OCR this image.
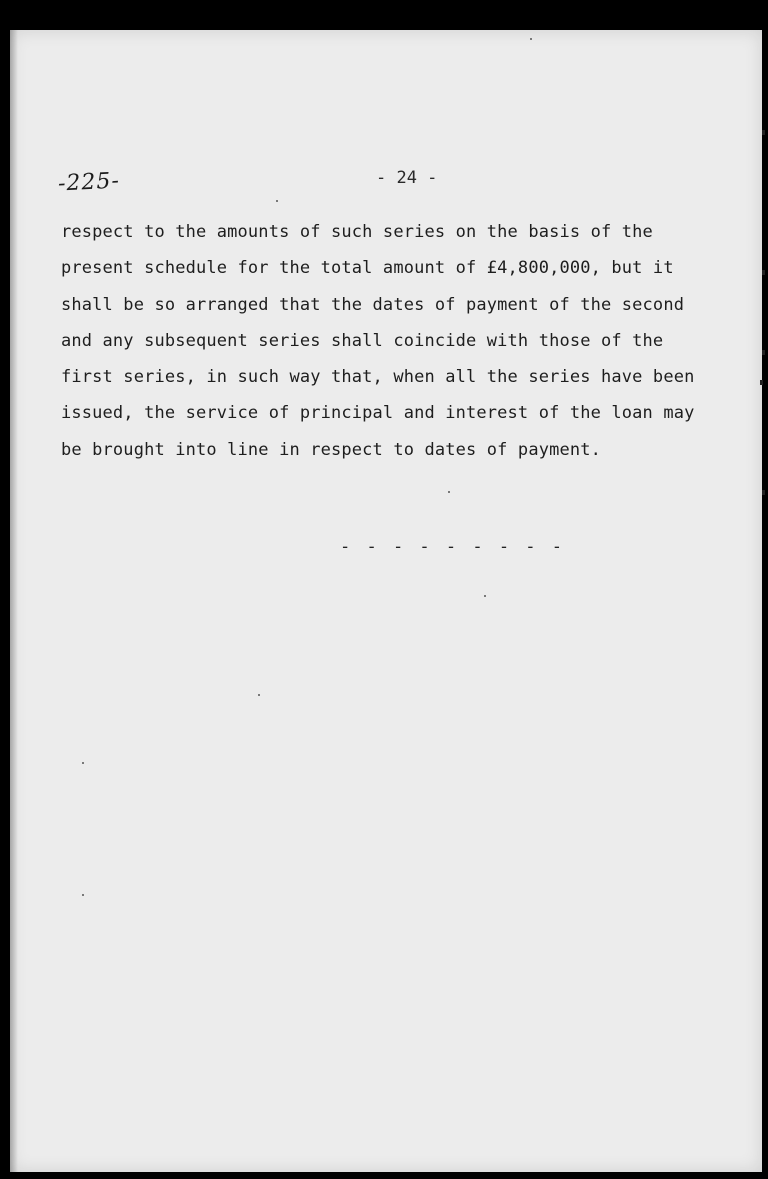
-225-	- 24 -
respect to the amounts of such series on the basis of the
present schedule for the total amount of £4,800,000, but it
shall be so arranged that the dates of payment of the second
and any subsequent series shall coincide with those of the
first series, in such way that, when all the series have been
issued, the service of principal and interest of the loan may
be brought into line in respect to dates of payment.
- - - - - - - - -
